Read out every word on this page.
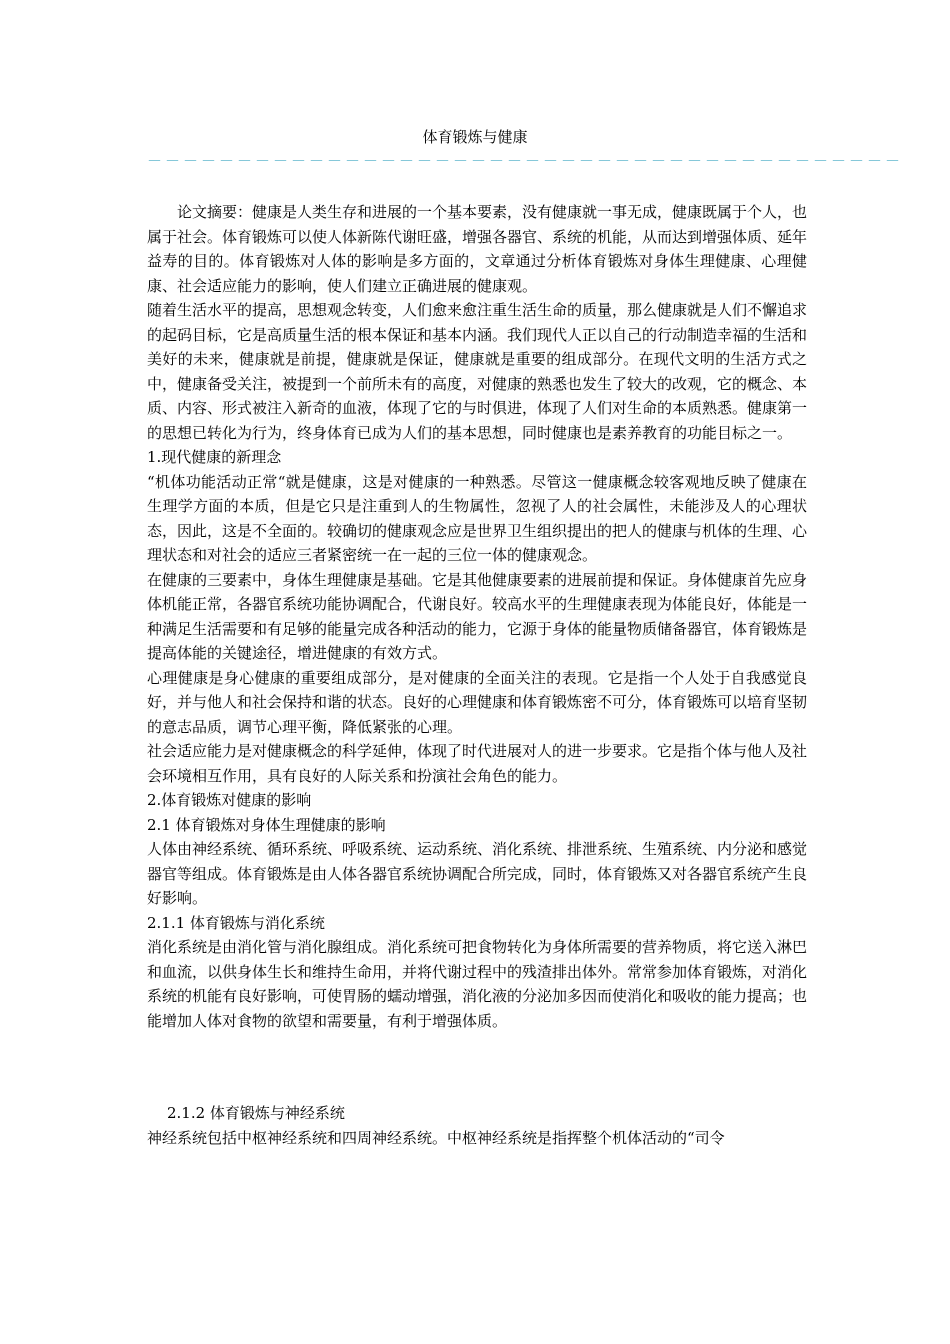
体育锻炼与健康
－－－－－－－－－－－－－－－－－－－－－－－－－－－－－－－－－－－－－－－－－－

论文摘要：健康是人类生存和进展的一个基本要素，没有健康就一事无成，健康既属于个人，也属于社会。体育锻炼可以使人体新陈代谢旺盛，增强各器官、系统的机能，从而达到增强体质、延年益寿的目的。体育锻炼对人体的影响是多方面的，文章通过分析体育锻炼对身体生理健康、心理健康、社会适应能力的影响，使人们建立正确进展的健康观。

随着生活水平的提高，思想观念转变，人们愈来愈注重生活生命的质量，那么健康就是人们不懈追求的起码目标，它是高质量生活的根本保证和基本内涵。我们现代人正以自己的行动制造幸福的生活和美好的未来，健康就是前提，健康就是保证，健康就是重要的组成部分。在现代文明的生活方式之中，健康备受关注，被提到一个前所未有的高度，对健康的熟悉也发生了较大的改观，它的概念、本质、内容、形式被注入新奇的血液，体现了它的与时俱进，体现了人们对生命的本质熟悉。健康第一的思想已转化为行为，终身体育已成为人们的基本思想，同时健康也是素养教育的功能目标之一。

1.现代健康的新理念

“机体功能活动正常“就是健康，这是对健康的一种熟悉。尽管这一健康概念较客观地反映了健康在生理学方面的本质，但是它只是注重到人的生物属性，忽视了人的社会属性，未能涉及人的心理状态，因此，这是不全面的。较确切的健康观念应是世界卫生组织提出的把人的健康与机体的生理、心理状态和对社会的适应三者紧密统一在一起的三位一体的健康观念。

在健康的三要素中，身体生理健康是基础。它是其他健康要素的进展前提和保证。身体健康首先应身体机能正常，各器官系统功能协调配合，代谢良好。较高水平的生理健康表现为体能良好，体能是一种满足生活需要和有足够的能量完成各种活动的能力，它源于身体的能量物质储备器官，体育锻炼是提高体能的关键途径，增进健康的有效方式。

心理健康是身心健康的重要组成部分，是对健康的全面关注的表现。它是指一个人处于自我感觉良好，并与他人和社会保持和谐的状态。良好的心理健康和体育锻炼密不可分，体育锻炼可以培育坚韧的意志品质，调节心理平衡，降低紧张的心理。

社会适应能力是对健康概念的科学延伸，体现了时代进展对人的进一步要求。它是指个体与他人及社会环境相互作用，具有良好的人际关系和扮演社会角色的能力。

2.体育锻炼对健康的影响

2.1 体育锻炼对身体生理健康的影响

人体由神经系统、循环系统、呼吸系统、运动系统、消化系统、排泄系统、生殖系统、内分泌和感觉器官等组成。体育锻炼是由人体各器官系统协调配合所完成，同时，体育锻炼又对各器官系统产生良好影响。

2.1.1 体育锻炼与消化系统

消化系统是由消化管与消化腺组成。消化系统可把食物转化为身体所需要的营养物质，将它送入淋巴和血流，以供身体生长和维持生命用，并将代谢过程中的残渣排出体外。常常参加体育锻炼，对消化系统的机能有良好影响，可使胃肠的蠕动增强，消化液的分泌加多因而使消化和吸收的能力提高；也能增加人体对食物的欲望和需要量，有利于增强体质。

2.1.2 体育锻炼与神经系统

神经系统包括中枢神经系统和四周神经系统。中枢神经系统是指挥整个机体活动的“司令
